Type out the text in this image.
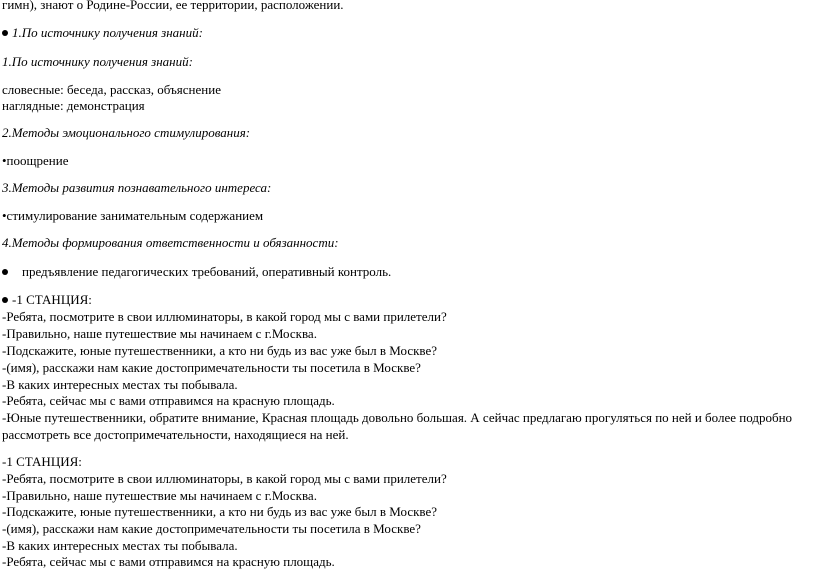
гимн), знают о Родине-России, ее территории, расположении.
1.По источнику получения знаний:
1.По источнику получения знаний:
словесные: беседа, рассказ, объяснение
наглядные: демонстрация
2.Методы эмоционального стимулирования:
•поощрение
3.Методы развития познавательного интереса:
•стимулирование занимательным содержанием
4.Методы формирования ответственности и обязанности:
предъявление педагогических требований, оперативный контроль.
-1 СТАНЦИЯ:
-Ребята, посмотрите в свои иллюминаторы, в какой город мы с вами прилетели?
-Правильно, наше путешествие мы начинаем с г.Москва.
-Подскажите, юные путешественники, а кто ни будь из вас уже был в Москве?
-(имя), расскажи нам какие достопримечательности ты посетила в Москве?
-В каких интересных местах ты побывала.
-Ребята, сейчас мы с вами отправимся на красную площадь.
-Юные путешественники, обратите внимание, Красная площадь довольно большая. А сейчас предлагаю прогуляться по ней и более подробно
рассмотреть все достопримечательности, находящиеся на ней.
-1 СТАНЦИЯ:
-Ребята, посмотрите в свои иллюминаторы, в какой город мы с вами прилетели?
-Правильно, наше путешествие мы начинаем с г.Москва.
-Подскажите, юные путешественники, а кто ни будь из вас уже был в Москве?
-(имя), расскажи нам какие достопримечательности ты посетила в Москве?
-В каких интересных местах ты побывала.
-Ребята, сейчас мы с вами отправимся на красную площадь.
